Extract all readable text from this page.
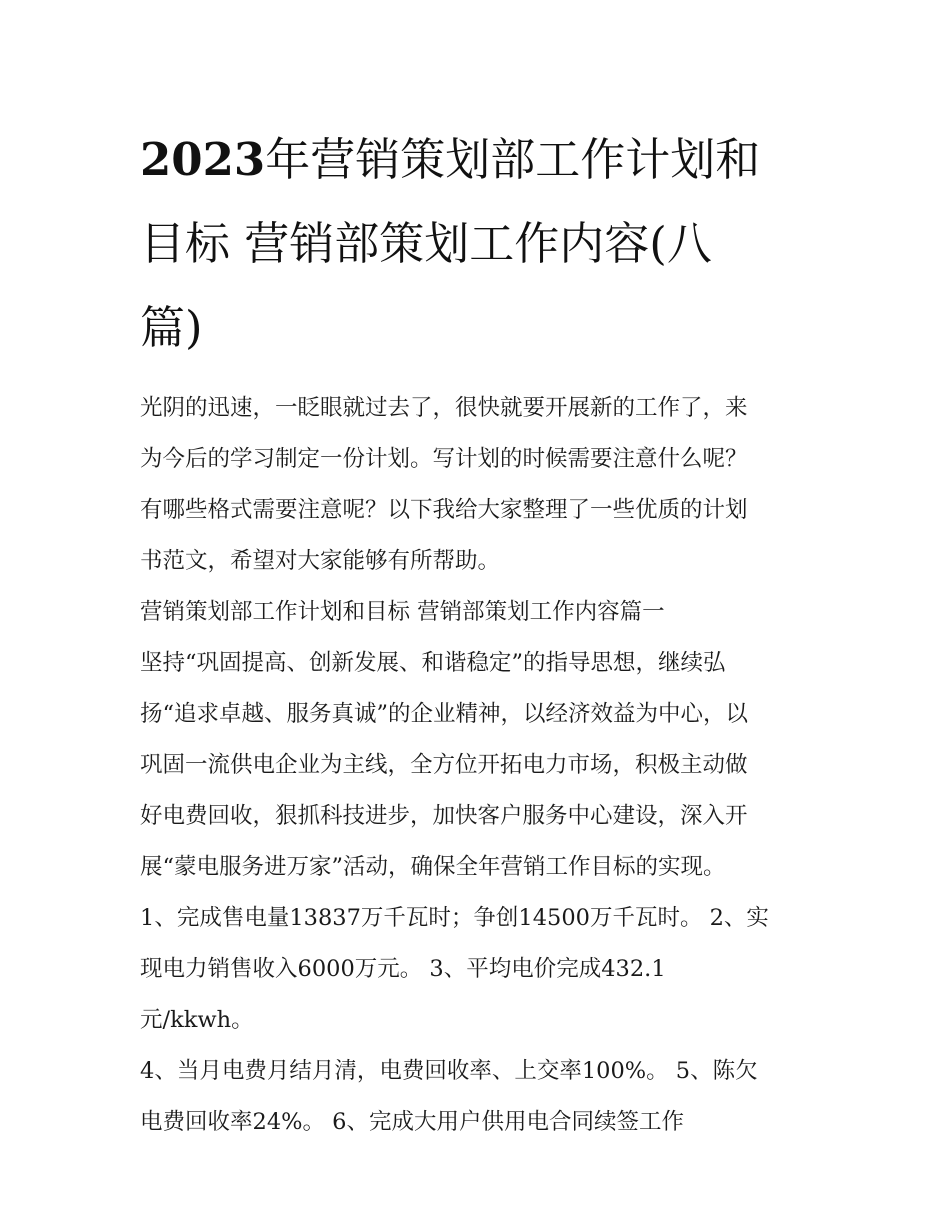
2023年营销策划部工作计划和
目标 营销部策划工作内容(八
篇)

光阴的迅速，一眨眼就过去了，很快就要开展新的工作了，来
为今后的学习制定一份计划。写计划的时候需要注意什么呢？
有哪些格式需要注意呢？以下我给大家整理了一些优质的计划
书范文，希望对大家能够有所帮助。

营销策划部工作计划和目标 营销部策划工作内容篇一

坚持“巩固提高、创新发展、和谐稳定”的指导思想，继续弘
扬“追求卓越、服务真诚”的企业精神，以经济效益为中心，以
巩固一流供电企业为主线，全方位开拓电力市场，积极主动做
好电费回收，狠抓科技进步，加快客户服务中心建设，深入开
展“蒙电服务进万家”活动，确保全年营销工作目标的实现。

1、完成售电量13837万千瓦时；争创14500万千瓦时。 2、实
现电力销售收入6000万元。 3、平均电价完成432.1
元/kkwh。

4、当月电费月结月清，电费回收率、上交率100%。 5、陈欠
电费回收率24%。 6、完成大用户供用电合同续签工作
